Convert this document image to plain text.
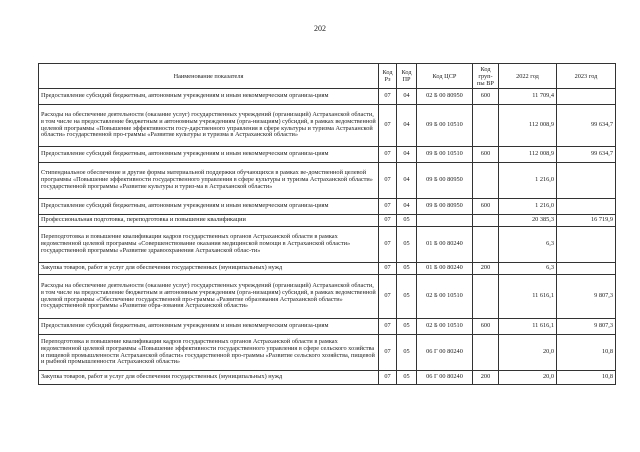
202
Наименование показателя	Код Рз	Код ПР	Код ЦСР	Код груп-пы ВР	2022 год	2023 год
Предоставление субсидий бюджетным, автономным учреждениям и иным некоммерческим организа-циям	07	04	02 Б 00 80950	600	11 709,4	
Расходы на обеспечение деятельности (оказание услуг) государственных учреждений (организаций) Астраханской области, в том числе на предоставление бюджетным и автономным учреждениям (орга-низациям) субсидий, в рамках ведомственной целевой программы «Повышение эффективности госу-дарственного управления в сфере культуры и туризма Астраханской области» государственной про-граммы «Развитие культуры и туризма в Астраханской области»	07	04	09 Б 00 10510		112 008,9	99 634,7
Предоставление субсидий бюджетным, автономным учреждениям и иным некоммерческим организа-циям	07	04	09 Б 00 10510	600	112 008,9	99 634,7
Стипендиальное обеспечение и другие формы материальной поддержки обучающихся в рамках ве-домственной целевой программы «Повышение эффективности государственного управления в сфере культуры и туризма Астраханской области» государственной программы «Развитие культуры и туриз-ма в Астраханской области»	07	04	09 Б 00 80950		1 216,0	
Предоставление субсидий бюджетным, автономным учреждениям и иным некоммерческим организа-циям	07	04	09 Б 00 80950	600	1 216,0	
Профессиональная подготовка, переподготовка и повышение квалификации	07	05			20 385,3	16 719,9
Переподготовка и повышение квалификации кадров государственных органов Астраханской области в рамках ведомственной целевой программы «Совершенствование оказания медицинской помощи в Астраханской области» государственной программы «Развитие здравоохранения Астраханской облас-ти»	07	05	01 Б 00 80240		6,3	
Закупка товаров, работ и услуг для обеспечения государственных (муниципальных) нужд	07	05	01 Б 00 80240	200	6,3	
Расходы на обеспечение деятельности (оказание услуг) государственных учреждений (организаций) Астраханской области, в том числе на предоставление бюджетным и автономным учреждениям (орга-низациям) субсидий, в рамках ведомственной целевой программы «Обеспечение государственной про-граммы «Развитие образования Астраханской области» государственной программы «Развитие обра-зования Астраханской области»	07	05	02 Б 00 10510		11 616,1	9 807,3
Предоставление субсидий бюджетным, автономным учреждениям и иным некоммерческим организа-циям	07	05	02 Б 00 10510	600	11 616,1	9 807,3
Переподготовка и повышение квалификации кадров государственных органов Астраханской области в рамках ведомственной целевой программы «Повышение эффективности государственного управления в сфере сельского хозяйства и пищевой промышленности Астраханской области» государственной про-граммы «Развитие сельского хозяйства, пищевой и рыбной промышленности Астраханской области»	07	05	06 Г 00 80240		20,0	10,8
Закупка товаров, работ и услуг для обеспечения государственных (муниципальных) нужд	07	05	06 Г 00 80240	200	20,0	10,8
